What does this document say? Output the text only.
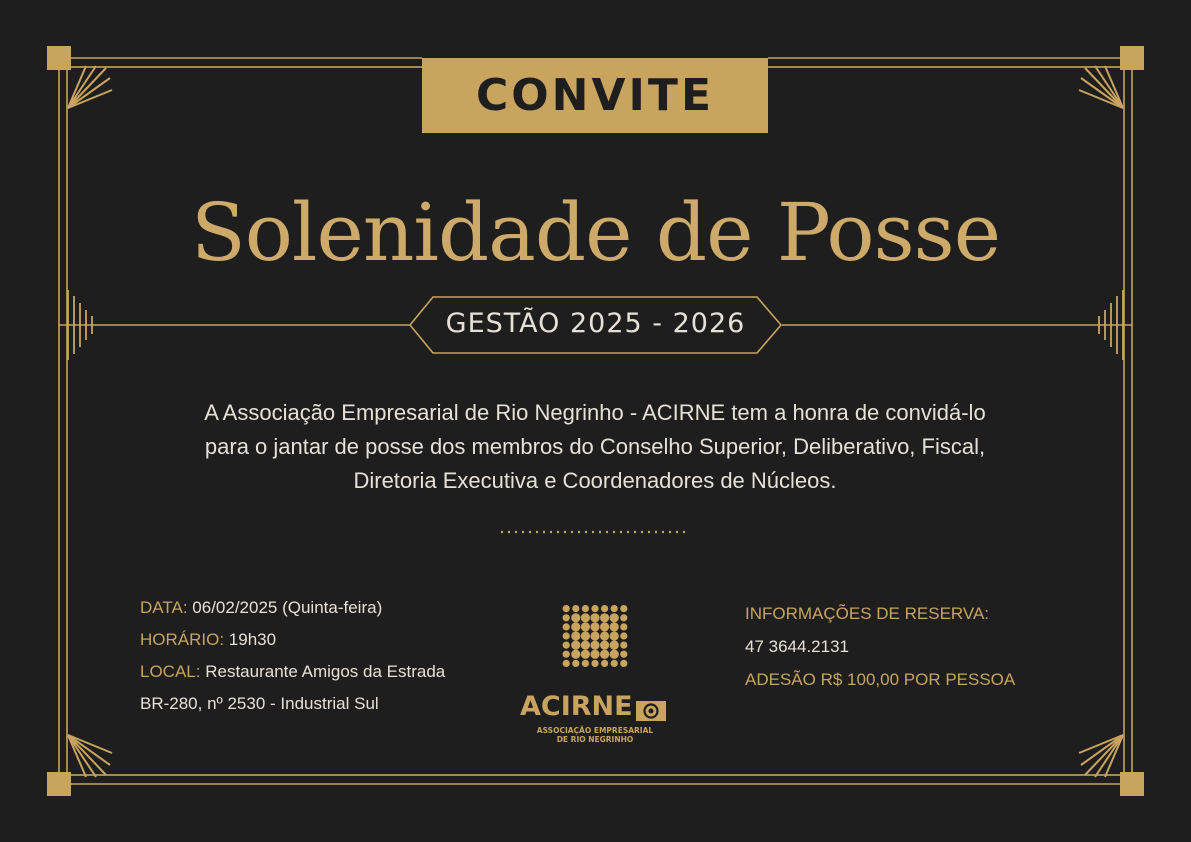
CONVITE
Solenidade de Posse
GESTÃO 2025 - 2026
A Associação Empresarial de Rio Negrinho - ACIRNE tem a honra de convidá-lo
para o jantar de posse dos membros do Conselho Superior, Deliberativo, Fiscal,
Diretoria Executiva e Coordenadores de Núcleos.
DATA: 06/02/2025 (Quinta-feira)
HORÁRIO: 19h30
LOCAL: Restaurante Amigos da Estrada
BR-280, nº 2530 - Industrial Sul
INFORMAÇÕES DE RESERVA:
47 3644.2131
ADESÃO R$ 100,00 POR PESSOA
ACIRNE
ASSOCIAÇÃO EMPRESARIAL
DE RIO NEGRINHO
